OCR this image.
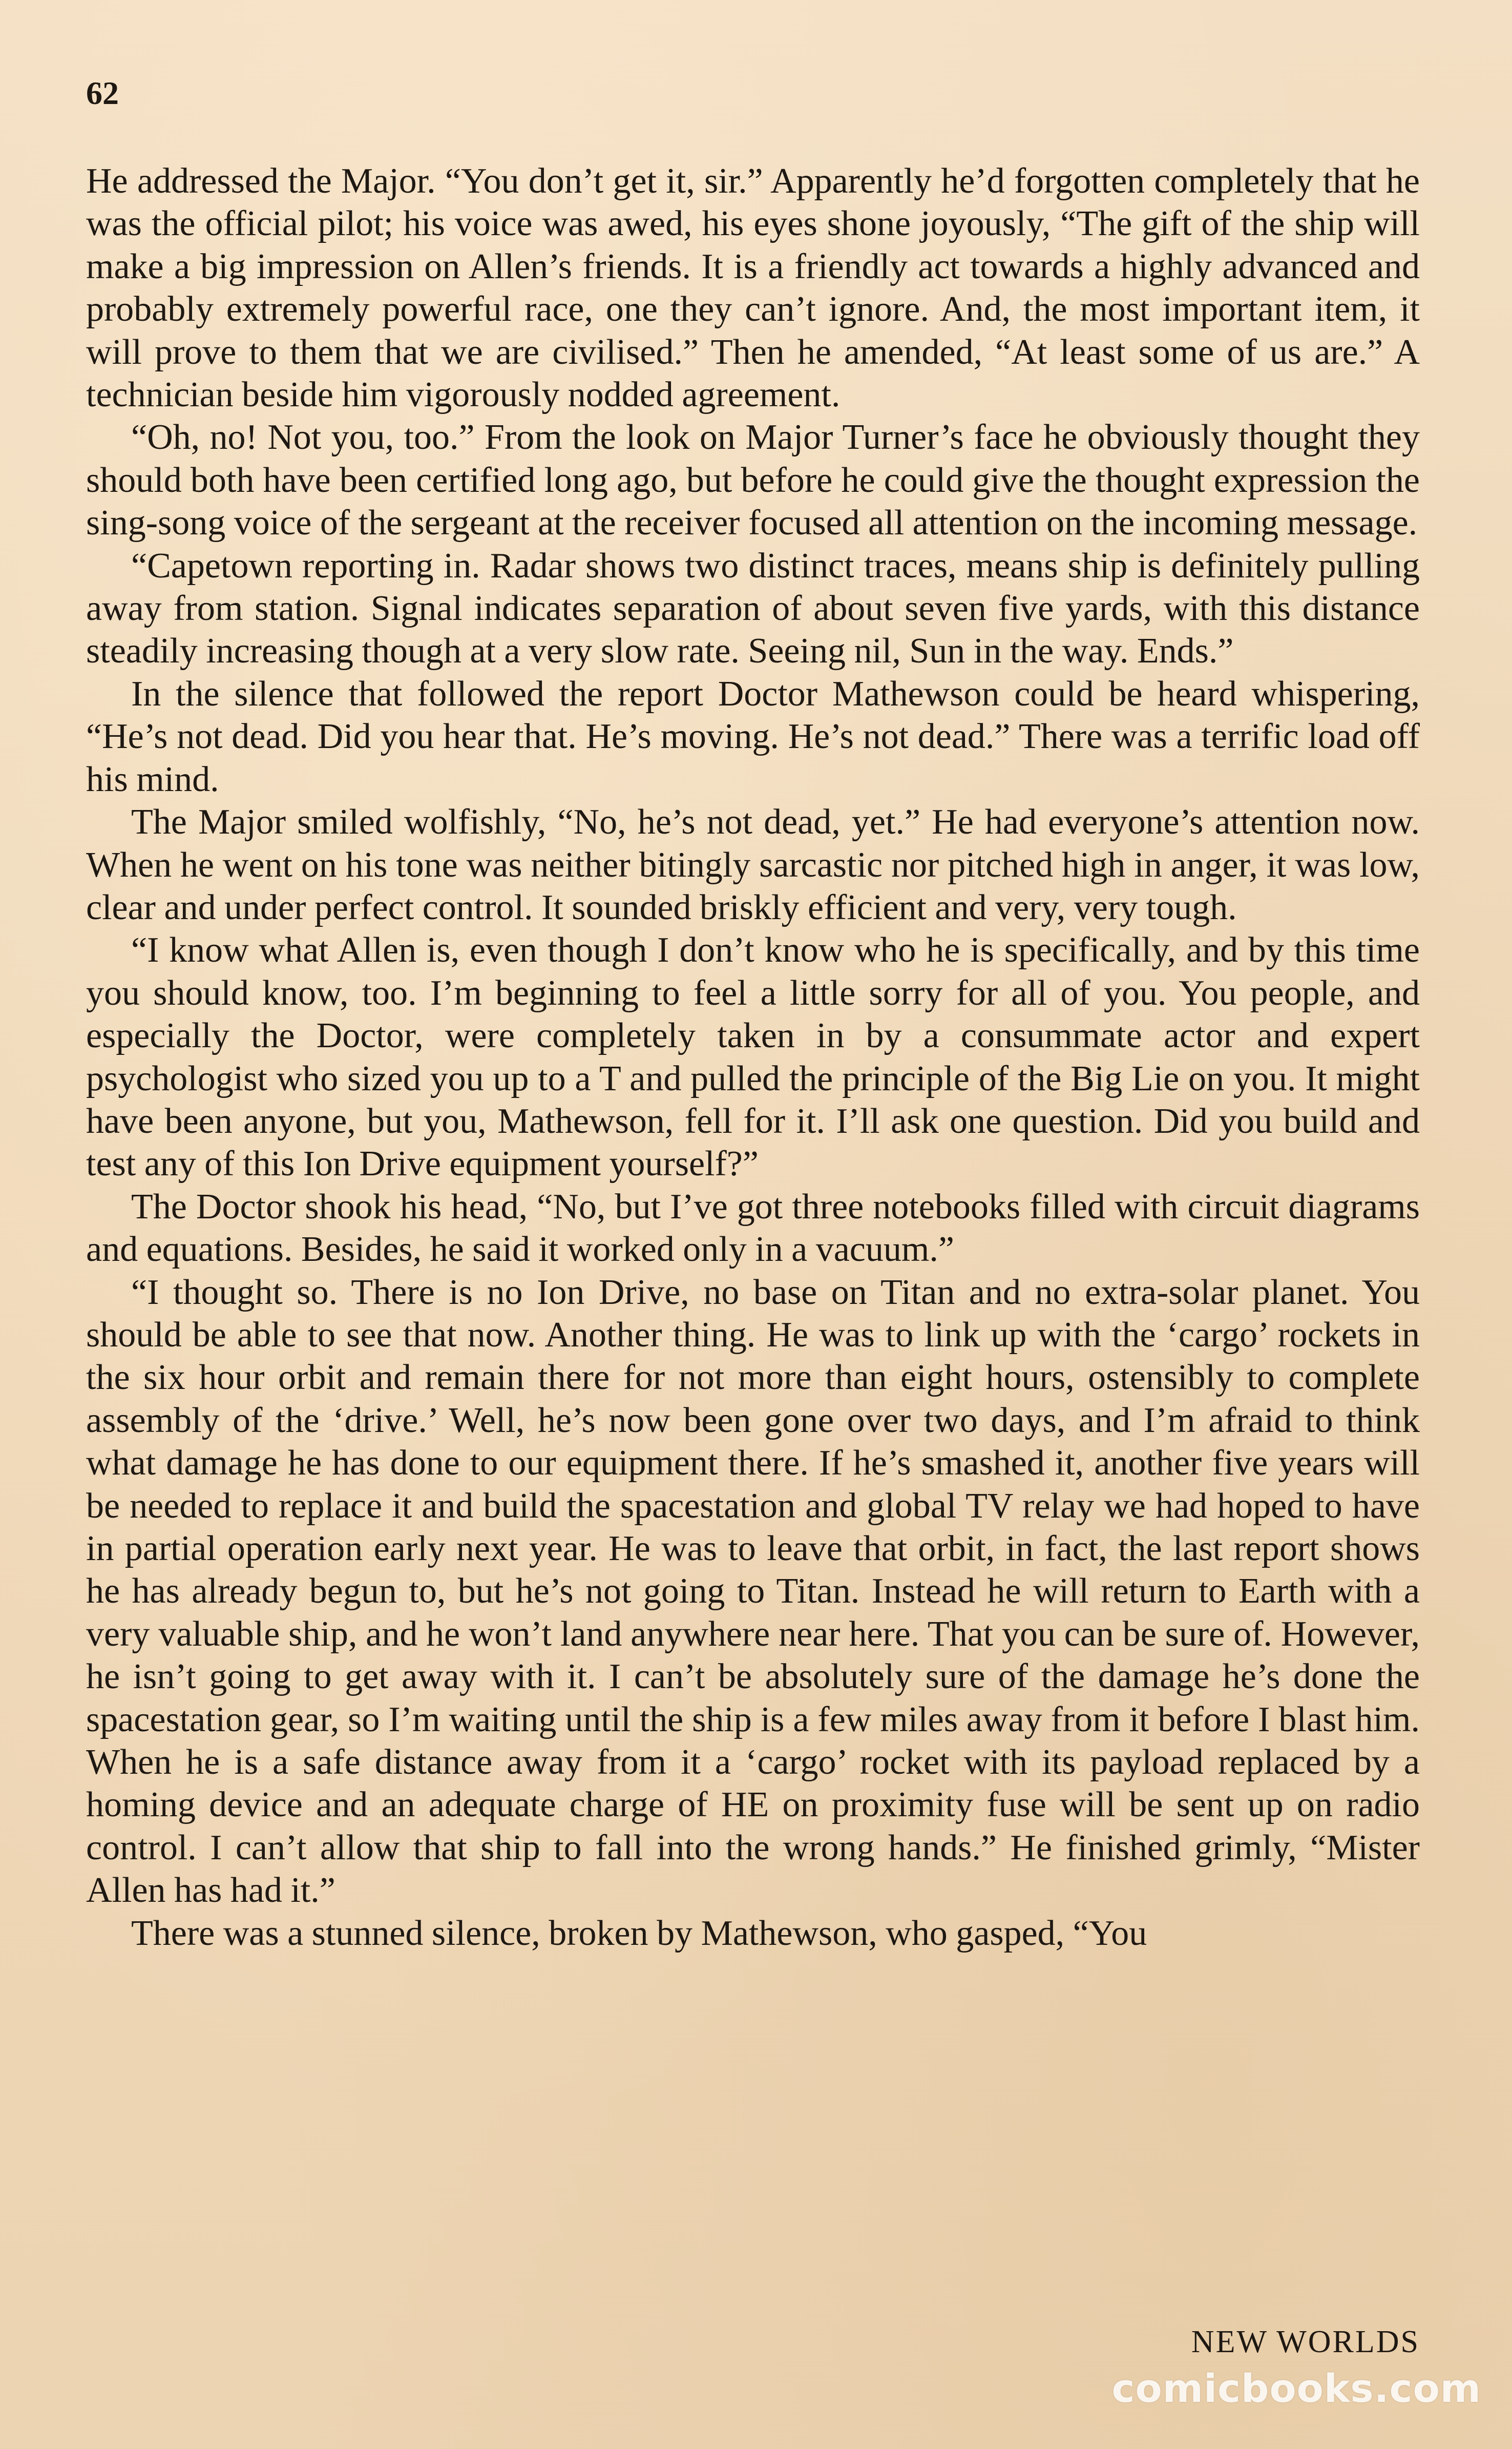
62

He addressed the Major. “You don’t get it, sir.” Apparently he’d forgotten completely that he was the official pilot; his voice was awed, his eyes shone joyously, “The gift of the ship will make a big impression on Allen’s friends. It is a friendly act towards a highly advanced and probably extremely powerful race, one they can’t ignore. And, the most important item, it will prove to them that we are civilised.” Then he amended, “At least some of us are.” A technician beside him vigorously nodded agreement.

“Oh, no! Not you, too.” From the look on Major Turner’s face he obviously thought they should both have been certified long ago, but before he could give the thought expression the sing-song voice of the sergeant at the receiver focused all attention on the incoming message.

“Capetown reporting in. Radar shows two distinct traces, means ship is definitely pulling away from station. Signal indicates separation of about seven five yards, with this distance steadily increasing though at a very slow rate. Seeing nil, Sun in the way. Ends.”

In the silence that followed the report Doctor Mathewson could be heard whispering, “He’s not dead. Did you hear that. He’s moving. He’s not dead.” There was a terrific load off his mind.

The Major smiled wolfishly, “No, he’s not dead, yet.” He had everyone’s attention now. When he went on his tone was neither bitingly sarcastic nor pitched high in anger, it was low, clear and under perfect control. It sounded briskly efficient and very, very tough.

“I know what Allen is, even though I don’t know who he is specifically, and by this time you should know, too. I’m beginning to feel a little sorry for all of you. You people, and especially the Doctor, were completely taken in by a consummate actor and expert psychologist who sized you up to a T and pulled the principle of the Big Lie on you. It might have been anyone, but you, Mathewson, fell for it. I’ll ask one question. Did you build and test any of this Ion Drive equipment yourself?”

The Doctor shook his head, “No, but I’ve got three notebooks filled with circuit diagrams and equations. Besides, he said it worked only in a vacuum.”

“I thought so. There is no Ion Drive, no base on Titan and no extra-solar planet. You should be able to see that now. Another thing. He was to link up with the ‘cargo’ rockets in the six hour orbit and remain there for not more than eight hours, ostensibly to complete assembly of the ‘drive.’ Well, he’s now been gone over two days, and I’m afraid to think what damage he has done to our equipment there. If he’s smashed it, another five years will be needed to replace it and build the spacestation and global TV relay we had hoped to have in partial operation early next year. He was to leave that orbit, in fact, the last report shows he has already begun to, but he’s not going to Titan. Instead he will return to Earth with a very valuable ship, and he won’t land anywhere near here. That you can be sure of. However, he isn’t going to get away with it. I can’t be absolutely sure of the damage he’s done the spacestation gear, so I’m waiting until the ship is a few miles away from it before I blast him. When he is a safe distance away from it a ‘cargo’ rocket with its payload replaced by a homing device and an adequate charge of HE on proximity fuse will be sent up on radio control. I can’t allow that ship to fall into the wrong hands.” He finished grimly, “Mister Allen has had it.”

There was a stunned silence, broken by Mathewson, who gasped, “You

NEW WORLDS
comicbooks.com
